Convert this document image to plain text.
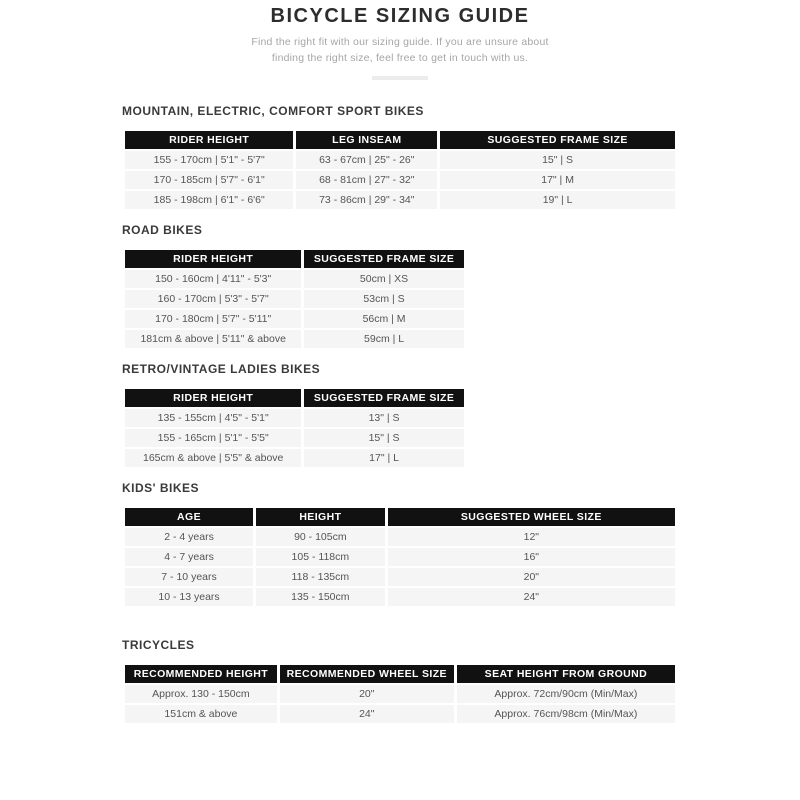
BICYCLE SIZING GUIDE

Find the right fit with our sizing guide. If you are unsure about
finding the right size, feel free to get in touch with us.

MOUNTAIN, ELECTRIC, COMFORT SPORT BIKES
RIDER HEIGHT	LEG INSEAM	SUGGESTED FRAME SIZE
155 - 170cm | 5'1" - 5'7"	63 - 67cm | 25" - 26"	15" | S
170 - 185cm | 5'7" - 6'1"	68 - 81cm | 27" - 32"	17" | M
185 - 198cm | 6'1" - 6'6"	73 - 86cm | 29" - 34"	19" | L
ROAD BIKES
RIDER HEIGHT	SUGGESTED FRAME SIZE
150 - 160cm | 4'11" - 5'3"	50cm | XS
160 - 170cm | 5'3" - 5'7"	53cm | S
170 - 180cm | 5'7" - 5'11"	56cm | M
181cm & above | 5'11" & above	59cm | L
RETRO/VINTAGE LADIES BIKES
RIDER HEIGHT	SUGGESTED FRAME SIZE
135 - 155cm | 4'5" - 5'1"	13" | S
155 - 165cm | 5'1" - 5'5"	15" | S
165cm & above | 5'5" & above	17" | L
KIDS' BIKES
AGE	HEIGHT	SUGGESTED WHEEL SIZE
2 - 4 years	90 - 105cm	12"
4 - 7 years	105 - 118cm	16"
7 - 10 years	118 - 135cm	20"
10 - 13 years	135 - 150cm	24"
TRICYCLES
RECOMMENDED HEIGHT	RECOMMENDED WHEEL SIZE	SEAT HEIGHT FROM GROUND
Approx. 130 - 150cm	20"	Approx. 72cm/90cm (Min/Max)
151cm & above	24"	Approx. 76cm/98cm (Min/Max)
